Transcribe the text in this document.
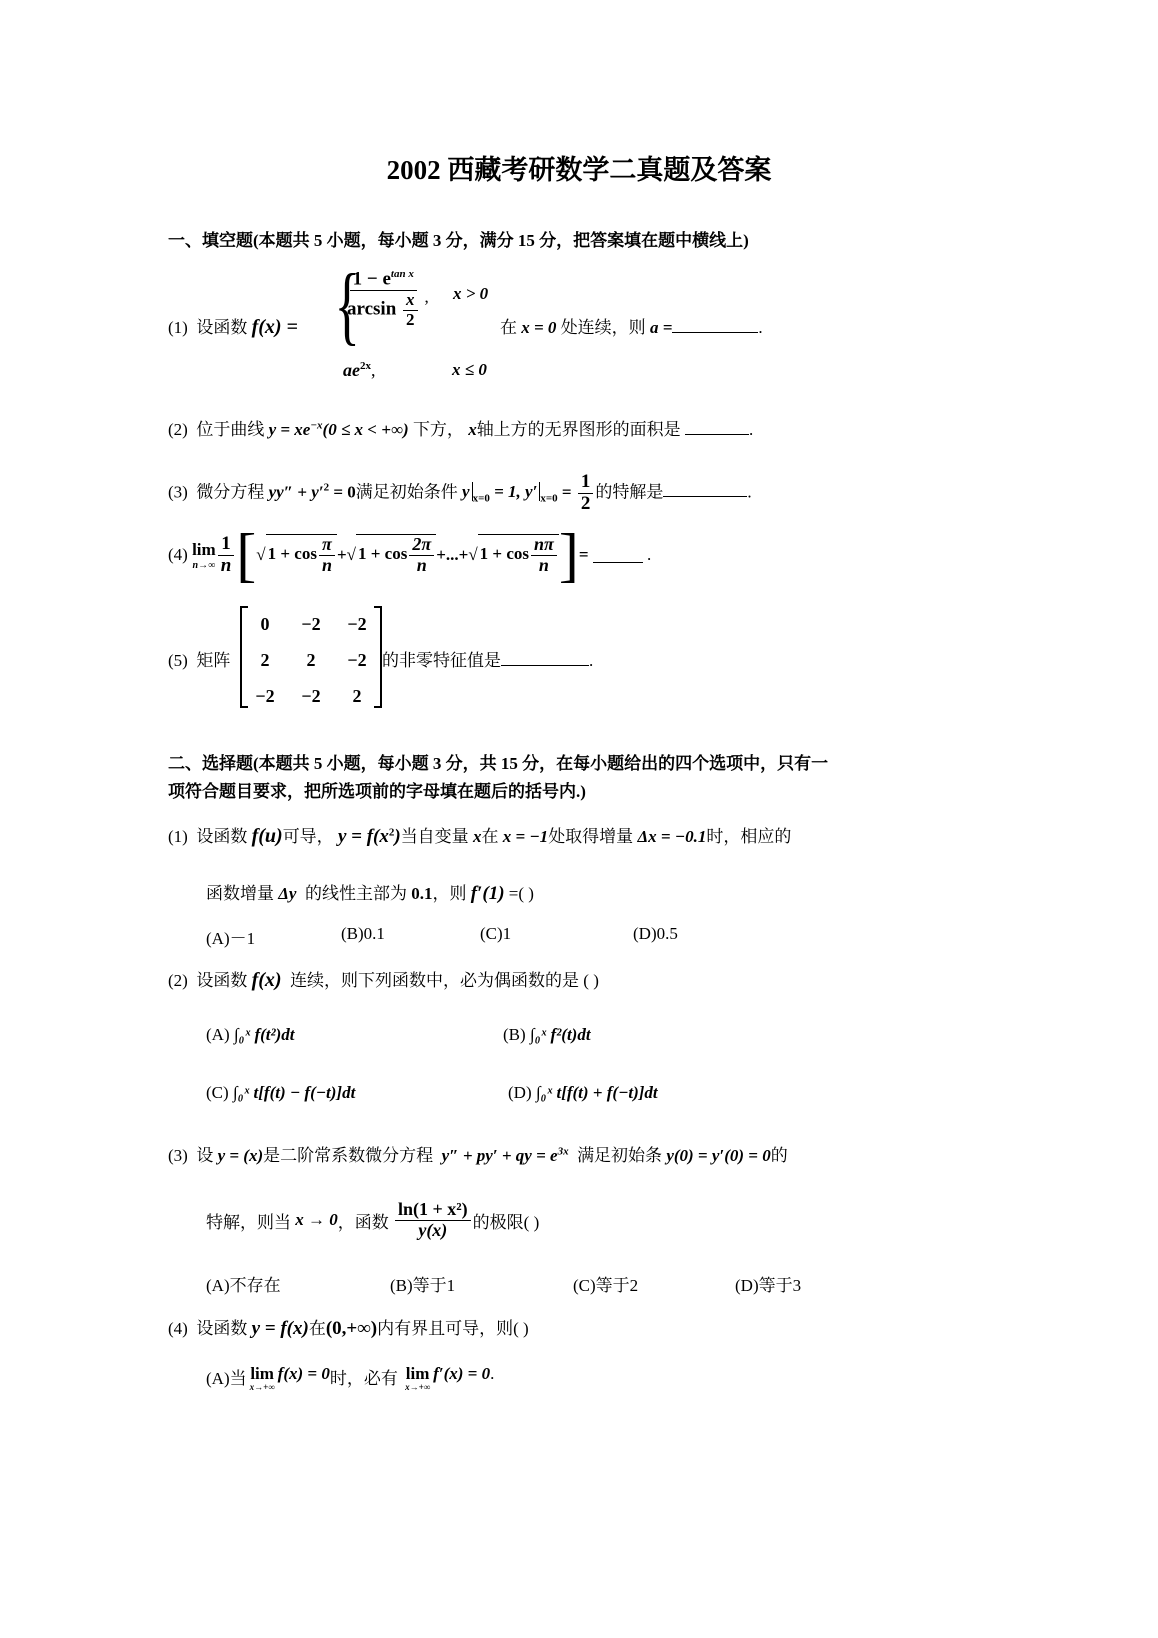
2002 西藏考研数学二真题及答案
一、填空题(本题共 5 小题，每小题 3 分，满分 15 分，把答案填在题中横线上)
(1) 设函数 f(x) = {
$\frac{1 - e^{tan x}}{\arcsin \frac{x}{2}}$ , x > 0
$ae^{2x}$,	x ≤ 0
在 x = 0 处连续，则 a =	.
(2) 位于曲线 $y = xe^{-x}(0 \le x$ < +∞) 下方， x轴上方的无界图形的面积是	.
(3) 微分方程 $yy'' + y'^2 = 0$满足初始条件 y $_{x=0}$ = 1, y′ $_{x=0} = \frac{1}{2}$ 的特解是	.
(4)
lim
$n\to\infty \frac{1}{n}$ [ √ $1 + \cos \frac{\pi}{n}$ + √ $1 + \cos \frac{2\pi}{n}$ +...+ √ $1 + \cos \frac{n\pi}{n}$ ] =
	.
(5) 矩阵
0	−2	−2
2	2	−2
−2	−2	2
的非零特征值是	.
二、选择题(本题共 5 小题，每小题 3 分，共 15 分，在每小题给出的四个选项中，只有一
项符合题目要求，把所选项前的字母填在题后的括号内.)
(1) 设函数 f(u)可导， $y = f(x^2)$当自变量 x在 x = −1处取得增量 Δx = −0.1时，相应的
函数增量 Δy 的线性主部为 0.1，则 f′(1) =( )
(A)－1	(B)0.1	(C)1	(D)0.5
(2) 设函数 f(x) 连续，则下列函数中，必为偶函数的是 ( )
(A) ∫₀ˣ f(t²)dt	(B) ∫₀ˣ f²(t)dt
(C) ∫₀ˣ t[f(t) − f(−t)]dt	(D) ∫₀ˣ t[f(t) + f(−t)]dt
(3) 设 y = (x)是二阶常系数微分方程 y″ + py′ + qy = $e^{3x}$ 满足初始条 y(0) = y′(0) = 0的
特解，则当
x → 0 ，函数
$\frac{\text{ln(1 + x²)}}{y(x)}$ 的极限( )
(A)不存在	(B)等于1	(C)等于2	(D)等于3
(4) 设函数 y = f(x)在(0,+∞)内有界且可导，则( )
(A)当 lim
x→+∞
f(x) = 0 时，必有
lim
x→+∞
f′(x) = 0 .
